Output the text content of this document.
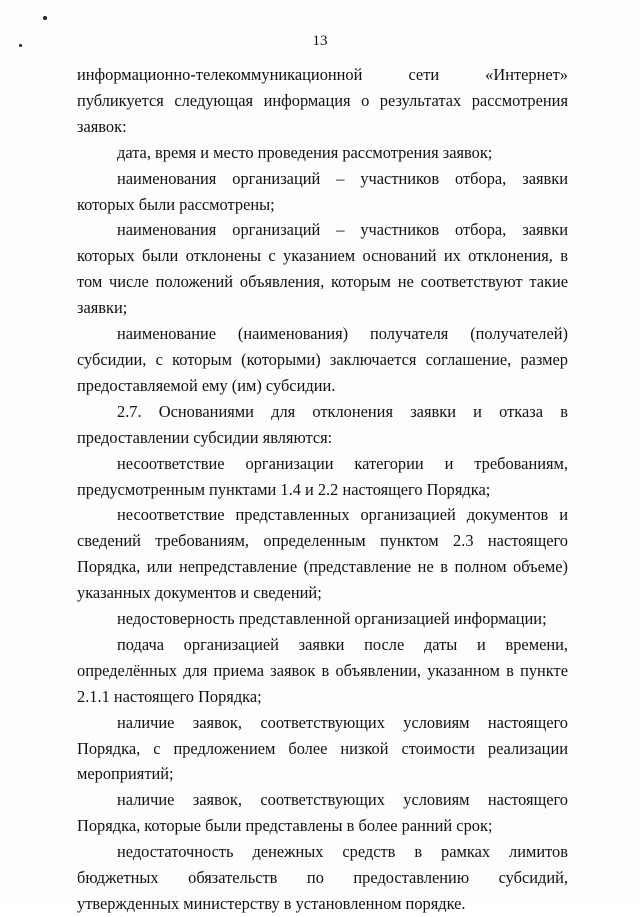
13

информационно-телекоммуникационной сети «Интернет» публикуется следующая информация о результатах рассмотрения заявок:

дата, время и место проведения рассмотрения заявок;

наименования организаций – участников отбора, заявки которых были рассмотрены;

наименования организаций – участников отбора, заявки которых были отклонены с указанием оснований их отклонения, в том числе положений объявления, которым не соответствуют такие заявки;

наименование (наименования) получателя (получателей) субсидии, с которым (которыми) заключается соглашение, размер предоставляемой ему (им) субсидии.

2.7. Основаниями для отклонения заявки и отказа в предоставлении субсидии являются:

несоответствие организации категории и требованиям, предусмотренным пунктами 1.4 и 2.2 настоящего Порядка;

несоответствие представленных организацией документов и сведений требованиям, определенным пунктом 2.3 настоящего Порядка, или непредставление (представление не в полном объеме) указанных документов и сведений;

недостоверность представленной организацией информации;

подача организацией заявки после даты и времени, определённых для приема заявок в объявлении, указанном в пункте 2.1.1 настоящего Порядка;

наличие заявок, соответствующих условиям настоящего Порядка, с предложением более низкой стоимости реализации мероприятий;

наличие заявок, соответствующих условиям настоящего Порядка, которые были представлены в более ранний срок;

недостаточность денежных средств в рамках лимитов бюджетных обязательств по предоставлению субсидий, утвержденных министерству в установленном порядке.
